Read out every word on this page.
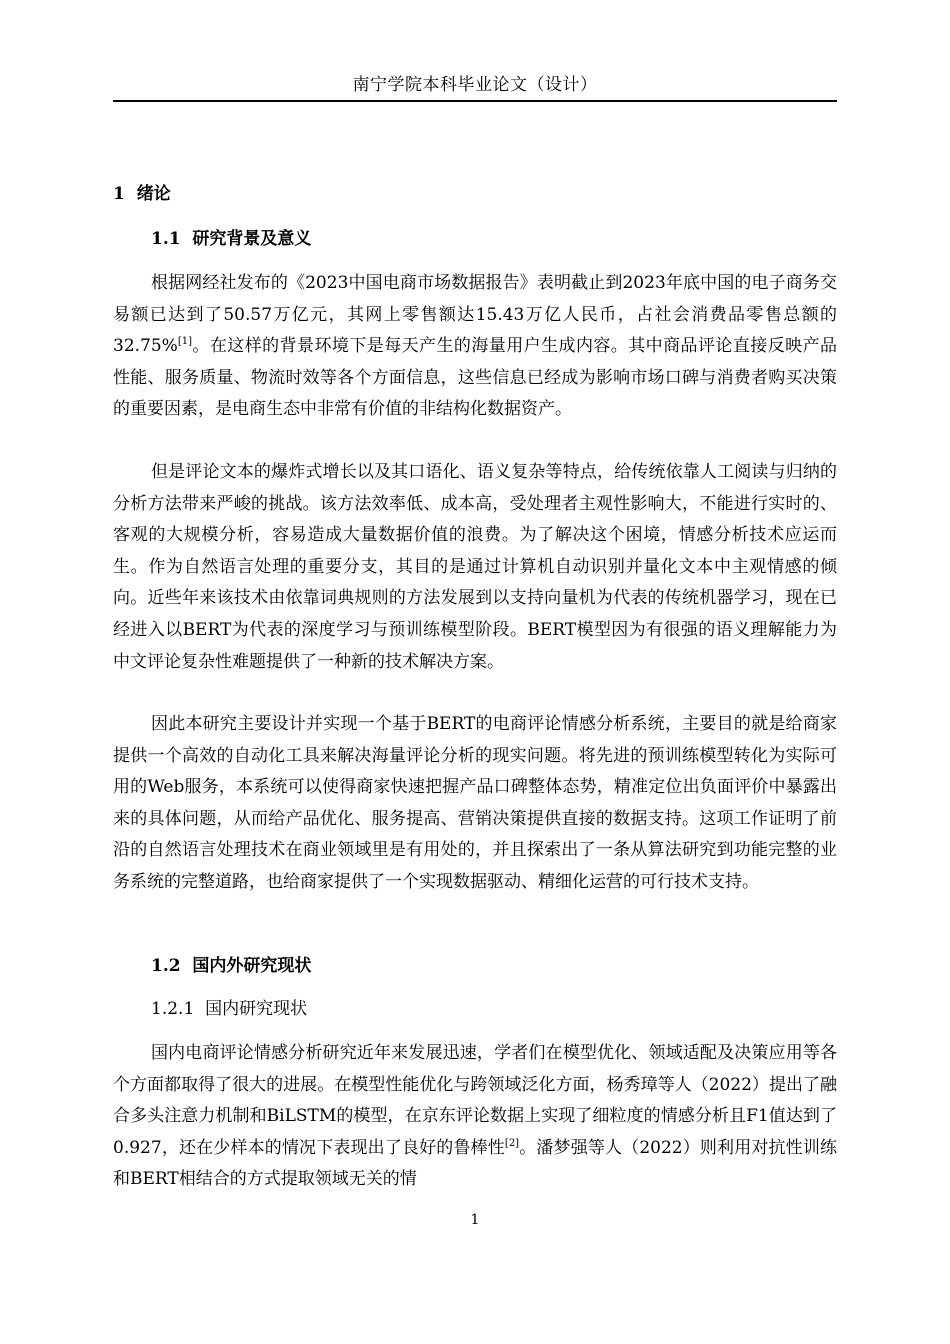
南宁学院本科毕业论文（设计）
1 绪论
1.1 研究背景及意义

根据网经社发布的《2023中国电商市场数据报告》表明截止到2023年底中国的电子商务交易额已达到了50.57万亿元，其网上零售额达15.43万亿人民币，占社会消费品零售总额的32.75%[1]。在这样的背景环境下是每天产生的海量用户生成内容。其中商品评论直接反映产品性能、服务质量、物流时效等各个方面信息，这些信息已经成为影响市场口碑与消费者购买决策的重要因素，是电商生态中非常有价值的非结构化数据资产。

但是评论文本的爆炸式增长以及其口语化、语义复杂等特点，给传统依靠人工阅读与归纳的分析方法带来严峻的挑战。该方法效率低、成本高，受处理者主观性影响大，不能进行实时的、客观的大规模分析，容易造成大量数据价值的浪费。为了解决这个困境，情感分析技术应运而生。作为自然语言处理的重要分支，其目的是通过计算机自动识别并量化文本中主观情感的倾向。近些年来该技术由依靠词典规则的方法发展到以支持向量机为代表的传统机器学习，现在已经进入以BERT为代表的深度学习与预训练模型阶段。BERT模型因为有很强的语义理解能力为中文评论复杂性难题提供了一种新的技术解决方案。

因此本研究主要设计并实现一个基于BERT的电商评论情感分析系统，主要目的就是给商家提供一个高效的自动化工具来解决海量评论分析的现实问题。将先进的预训练模型转化为实际可用的Web服务，本系统可以使得商家快速把握产品口碑整体态势，精准定位出负面评价中暴露出来的具体问题，从而给产品优化、服务提高、营销决策提供直接的数据支持。这项工作证明了前沿的自然语言处理技术在商业领域里是有用处的，并且探索出了一条从算法研究到功能完整的业务系统的完整道路，也给商家提供了一个实现数据驱动、精细化运营的可行技术支持。

1.2 国内外研究现状
1.2.1 国内研究现状

国内电商评论情感分析研究近年来发展迅速，学者们在模型优化、领域适配及决策应用等各个方面都取得了很大的进展。在模型性能优化与跨领域泛化方面，杨秀璋等人（2022）提出了融合多头注意力机制和BiLSTM的模型，在京东评论数据上实现了细粒度的情感分析且F1值达到了0.927，还在少样本的情况下表现出了良好的鲁棒性[2]。潘梦强等人（2022）则利用对抗性训练和BERT相结合的方式提取领域无关的情

1
